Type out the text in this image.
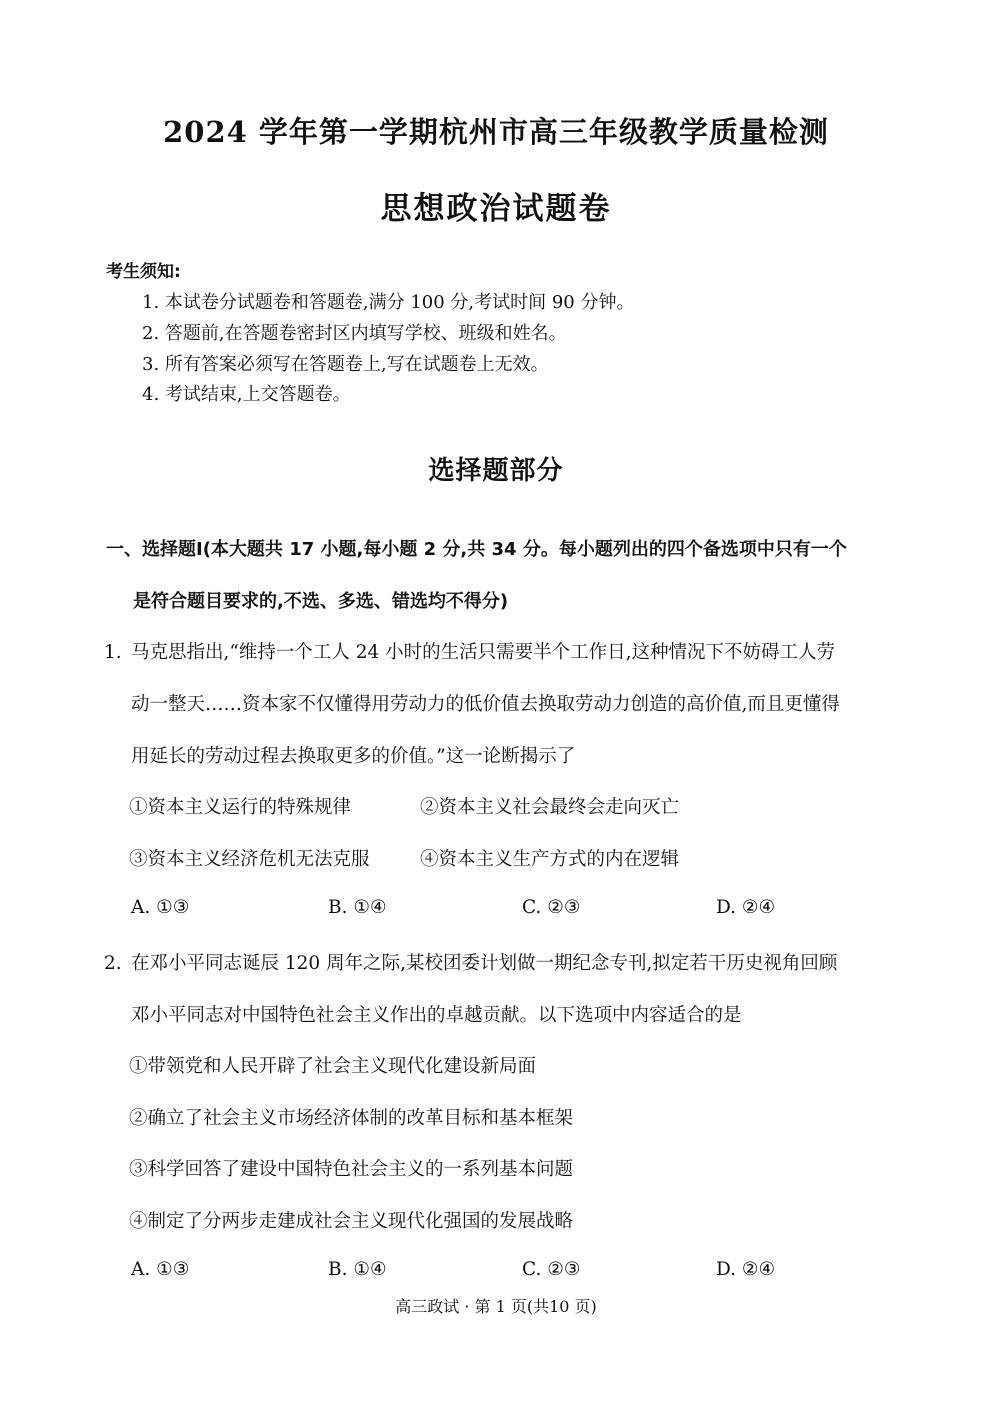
2024 学年第一学期杭州市高三年级教学质量检测
思想政治试题卷
考生须知:
1. 本试卷分试题卷和答题卷,满分 100 分,考试时间 90 分钟。
2. 答题前,在答题卷密封区内填写学校、班级和姓名。
3. 所有答案必须写在答题卷上,写在试题卷上无效。
4. 考试结束,上交答题卷。
选择题部分
一、选择题Ⅰ(本大题共 17 小题,每小题 2 分,共 34 分。每小题列出的四个备选项中只有一个
是符合题目要求的,不选、多选、错选均不得分)
1. 马克思指出,“维持一个工人 24 小时的生活只需要半个工作日,这种情况下不妨碍工人劳
动一整天……资本家不仅懂得用劳动力的低价值去换取劳动力创造的高价值,而且更懂得
用延长的劳动过程去换取更多的价值。”这一论断揭示了
①资本主义运行的特殊规律	②资本主义社会最终会走向灭亡
③资本主义经济危机无法克服	④资本主义生产方式的内在逻辑
A. ①③	B. ①④	C. ②③	D. ②④
2. 在邓小平同志诞辰 120 周年之际,某校团委计划做一期纪念专刊,拟定若干历史视角回顾
邓小平同志对中国特色社会主义作出的卓越贡献。以下选项中内容适合的是
①带领党和人民开辟了社会主义现代化建设新局面
②确立了社会主义市场经济体制的改革目标和基本框架
③科学回答了建设中国特色社会主义的一系列基本问题
④制定了分两步走建成社会主义现代化强国的发展战略
A. ①③	B. ①④	C. ②③	D. ②④
高三政试 · 第 1 页(共10 页)
